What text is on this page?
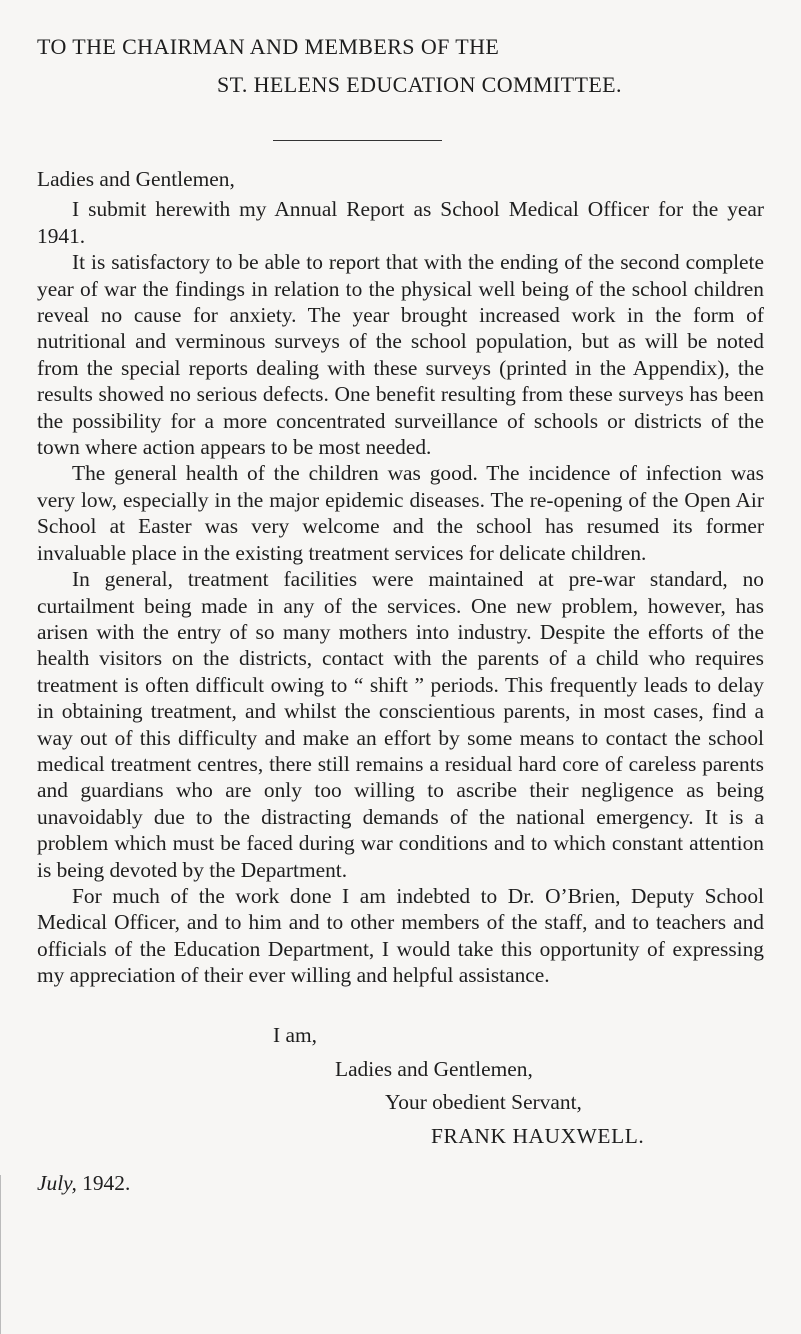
TO THE CHAIRMAN AND MEMBERS OF THE
ST. HELENS EDUCATION COMMITTEE.

Ladies and Gentlemen,

I submit herewith my Annual Report as School Medical Officer for the year 1941.

It is satisfactory to be able to report that with the ending of the second complete year of war the findings in relation to the physical well being of the school children reveal no cause for anxiety. The year brought increased work in the form of nutritional and verminous surveys of the school population, but as will be noted from the special reports dealing with these surveys (printed in the Appendix), the results showed no serious defects. One benefit resulting from these surveys has been the possibility for a more concentrated surveillance of schools or districts of the town where action appears to be most needed.

The general health of the children was good. The incidence of infection was very low, especially in the major epidemic diseases. The re-opening of the Open Air School at Easter was very welcome and the school has resumed its former invaluable place in the existing treatment services for delicate children.

In general, treatment facilities were maintained at pre-war standard, no curtailment being made in any of the services. One new problem, however, has arisen with the entry of so many mothers into industry. Despite the efforts of the health visitors on the districts, contact with the parents of a child who requires treatment is often difficult owing to “ shift ” periods. This frequently leads to delay in obtaining treatment, and whilst the conscientious parents, in most cases, find a way out of this difficulty and make an effort by some means to contact the school medical treatment centres, there still remains a residual hard core of careless parents and guardians who are only too willing to ascribe their negligence as being unavoidably due to the distracting demands of the national emergency. It is a problem which must be faced during war conditions and to which constant attention is being devoted by the Department.

For much of the work done I am indebted to Dr. O’Brien, Deputy School Medical Officer, and to him and to other members of the staff, and to teachers and officials of the Education Department, I would take this opportunity of expressing my appreciation of their ever willing and helpful assistance.

I am,
Ladies and Gentlemen,
Your obedient Servant,
FRANK HAUXWELL.
July, 1942.
